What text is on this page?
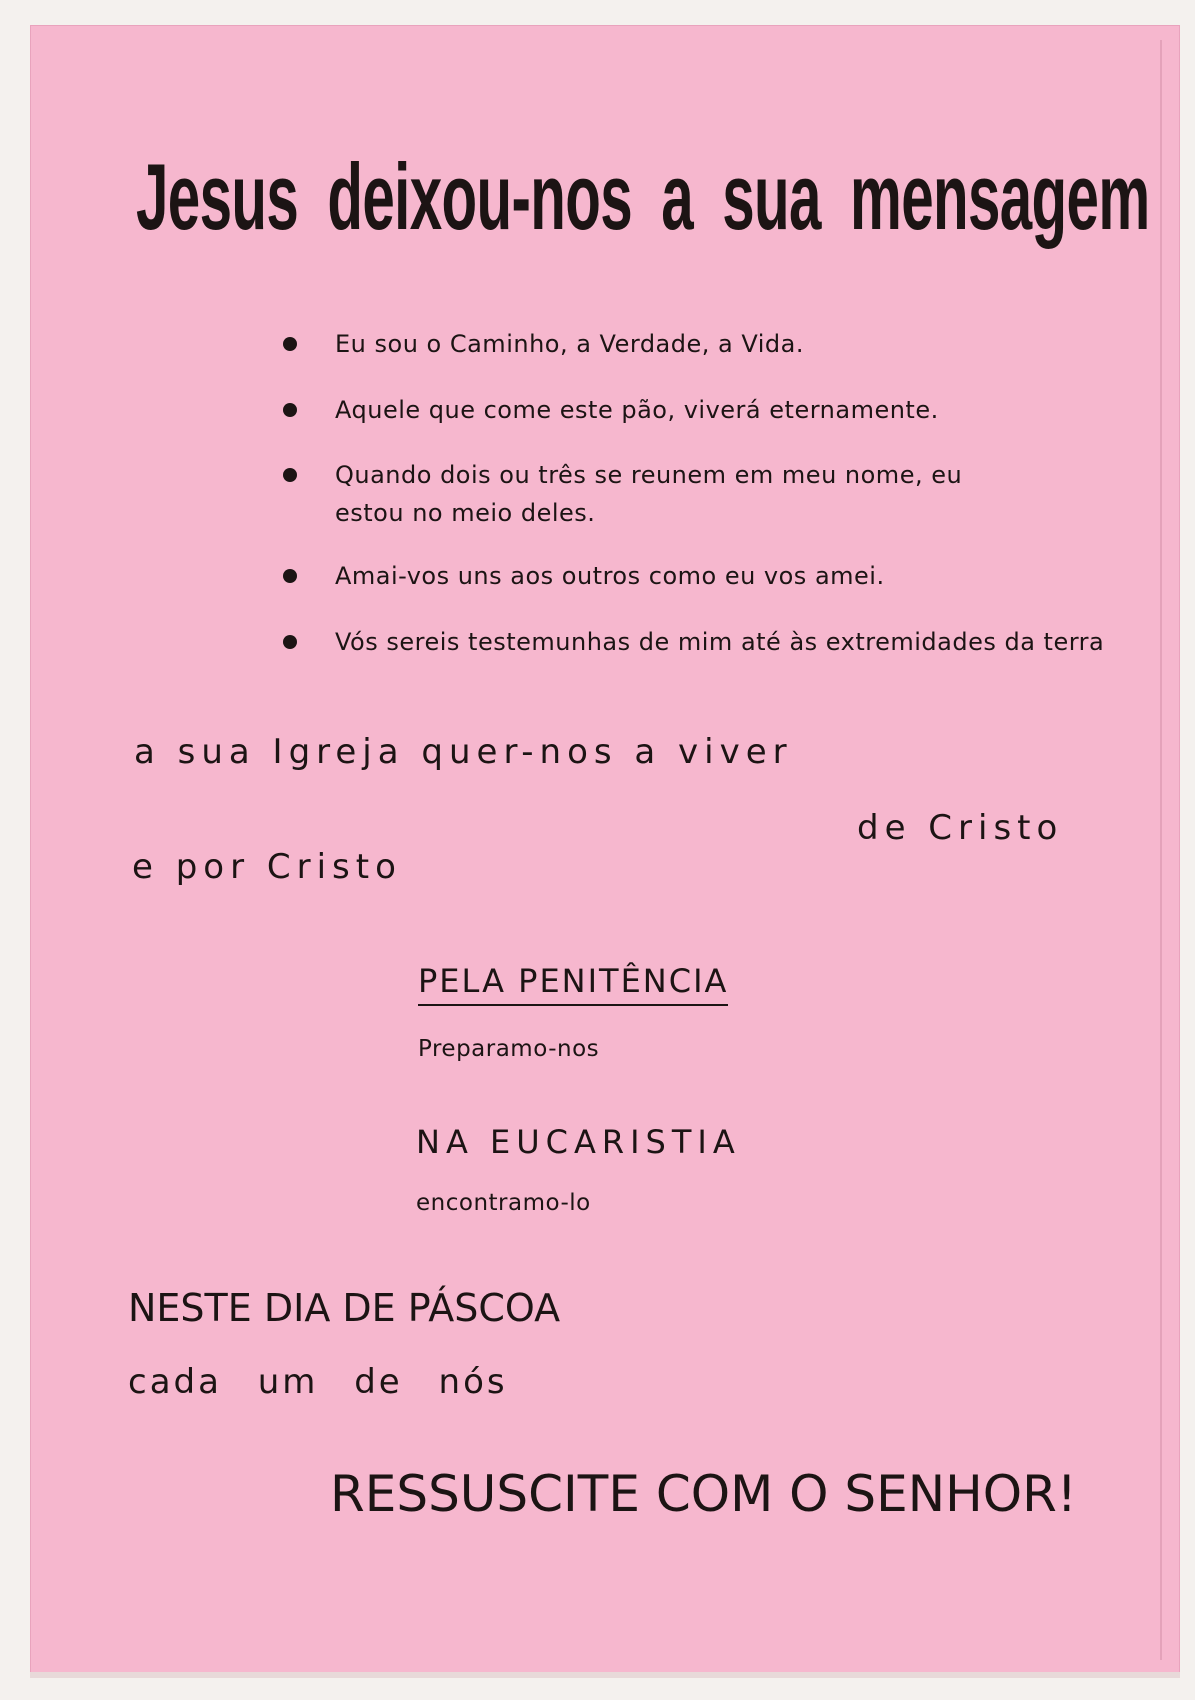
Jesus deixou-nos a sua mensagem
Eu sou o Caminho, a Verdade, a Vida.
Aquele que come este pão, viverá eternamente.
Quando dois ou três se reunem em meu nome, eu
estou no meio deles.
Amai-vos uns aos outros como eu vos amei.
Vós sereis testemunhas de mim até às extremidades da terra

a sua Igreja quer-nos a viver

de Cristo

e por Cristo

PELA PENITÊNCIA

Preparamo-nos

NA EUCARISTIA

encontramo-lo

NESTE DIA DE PÁSCOA

cada um de nós

RESSUSCITE COM O SENHOR!
